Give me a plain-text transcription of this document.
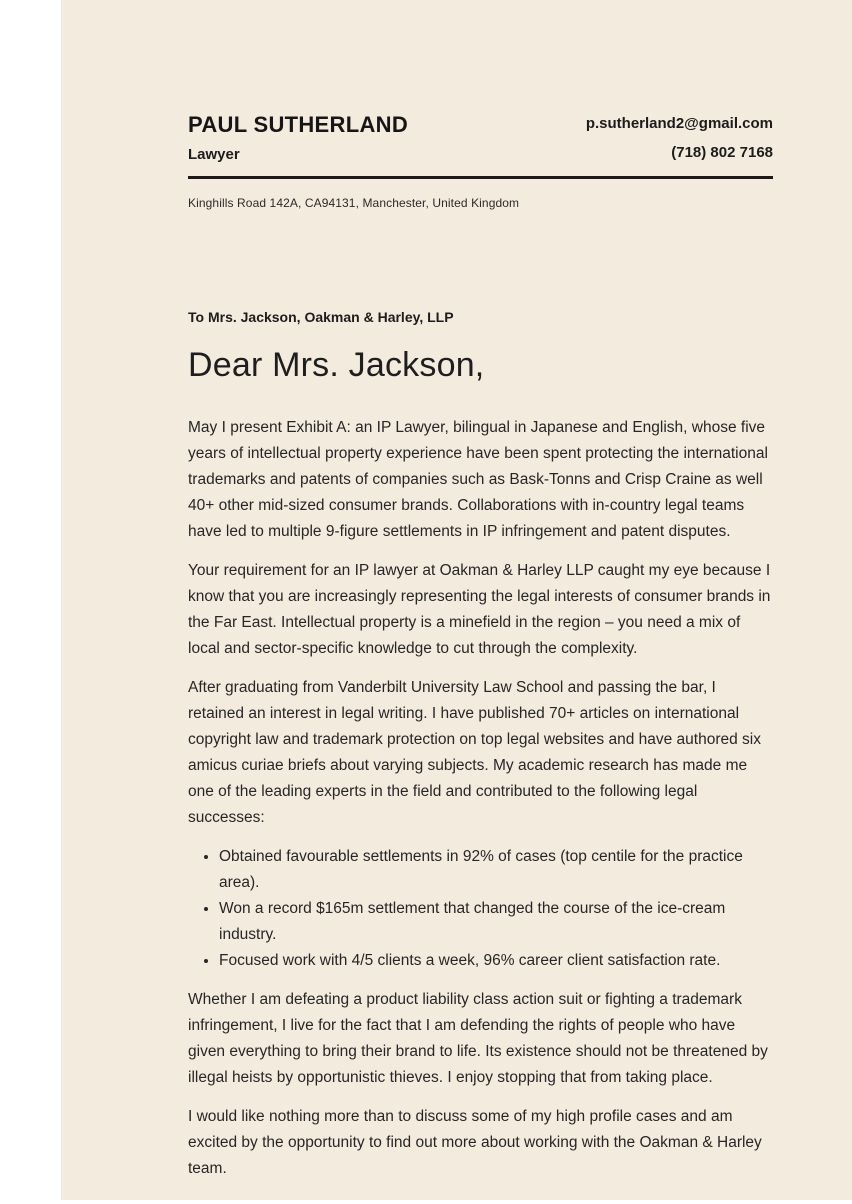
PAUL SUTHERLAND
Lawyer
p.sutherland2@gmail.com
(718) 802 7168
Kinghills Road 142A, CA94131, Manchester, United Kingdom
To Mrs. Jackson, Oakman & Harley, LLP
Dear Mrs. Jackson,

May I present Exhibit A: an IP Lawyer, bilingual in Japanese and English, whose five years of intellectual property experience have been spent protecting the international trademarks and patents of companies such as Bask-Tonns and Crisp Craine as well 40+ other mid-sized consumer brands. Collaborations with in-country legal teams have led to multiple 9-figure settlements in IP infringement and patent disputes.

Your requirement for an IP lawyer at Oakman & Harley LLP caught my eye because I know that you are increasingly representing the legal interests of consumer brands in the Far East. Intellectual property is a minefield in the region – you need a mix of local and sector-specific knowledge to cut through the complexity.

After graduating from Vanderbilt University Law School and passing the bar, I retained an interest in legal writing. I have published 70+ articles on international copyright law and trademark protection on top legal websites and have authored six amicus curiae briefs about varying subjects. My academic research has made me one of the leading experts in the field and contributed to the following legal successes:

• Obtained favourable settlements in 92% of cases (top centile for the practice area).
• Won a record $165m settlement that changed the course of the ice-cream industry.
• Focused work with 4/5 clients a week, 96% career client satisfaction rate.

Whether I am defeating a product liability class action suit or fighting a trademark infringement, I live for the fact that I am defending the rights of people who have given everything to bring their brand to life. Its existence should not be threatened by illegal heists by opportunistic thieves. I enjoy stopping that from taking place.

I would like nothing more than to discuss some of my high profile cases and am excited by the opportunity to find out more about working with the Oakman & Harley team.
